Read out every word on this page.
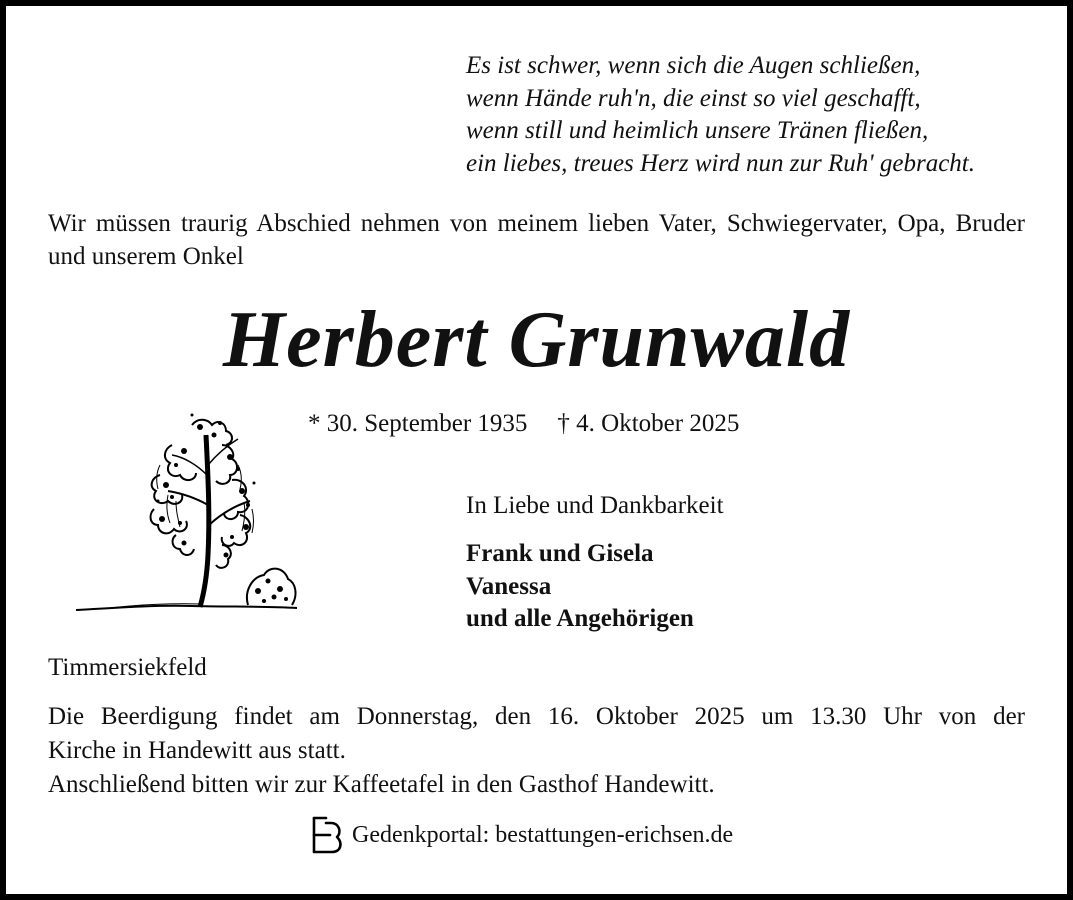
Es ist schwer, wenn sich die Augen schließen,
wenn Hände ruh'n, die einst so viel geschafft,
wenn still und heimlich unsere Tränen fließen,
ein liebes, treues Herz wird nun zur Ruh' gebracht.
Wir müssen traurig Abschied nehmen von meinem lieben Vater, Schwiegervater, Opa, Bruder und unserem Onkel
Herbert Grunwald
* 30. September 1935 † 4. Oktober 2025
In Liebe und Dankbarkeit
Frank und Gisela
Vanessa
und alle Angehörigen
Timmersiekfeld
Die Beerdigung findet am Donnerstag, den 16. Oktober 2025 um 13.30 Uhr von der
Kirche in Handewitt aus statt.
Anschließend bitten wir zur Kaffeetafel in den Gasthof Handewitt.
Gedenkportal: bestattungen-erichsen.de
